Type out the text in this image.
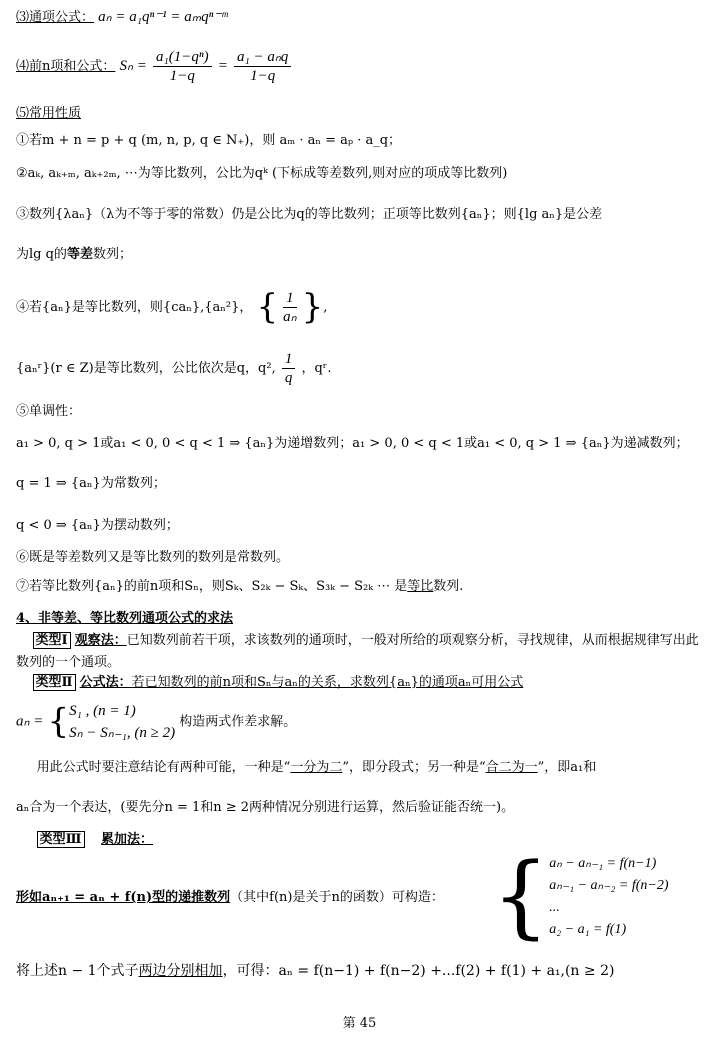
⑶通项公式： aₙ = a₁qⁿ⁻¹ = aₘqⁿ⁻ᵐ
⑷前n项和公式： $S_n = \frac{\text{a₁(1−qⁿ)}}{1-q} = \frac{\text{a₁ − aₙq}}{1-q}$
⑸常用性质
①若m + n = p + q (m, n, p, q ∈ N₊)，则 aₘ · aₙ = aₚ · a_q；
②aₖ, aₖ₊ₘ, aₖ₊₂ₘ, ⋯为等比数列，公比为qᵏ (下标成等差数列,则对应的项成等比数列)
③数列{λaₙ}（λ为不等于零的常数）仍是公比为q的等比数列；正项等比数列{aₙ}；则{lg aₙ}是公差
为lg q的等差数列；
④若{aₙ}是等比数列，则{caₙ},{aₙ²}， { $\frac{1}{\text{aₙ}}$ },
{aₙʳ}(r ∈ Z)是等比数列，公比依次是q，q², $\frac{1}{q}$ ，qʳ.
⑤单调性：
a₁ > 0, q > 1或a₁ < 0, 0 < q < 1 ⇒ {aₙ}为递增数列；a₁ > 0, 0 < q < 1或a₁ < 0, q > 1 ⇒ {aₙ}为递减数列；
q = 1 ⇒ {aₙ}为常数列；
q < 0 ⇒ {aₙ}为摆动数列；
⑥既是等差数列又是等比数列的数列是常数列。
⑦若等比数列{aₙ}的前n项和Sₙ，则Sₖ、S₂ₖ − Sₖ、S₃ₖ − S₂ₖ ⋯ 是等比数列.
4、非等差、等比数列通项公式的求法
类型Ⅰ 观察法：已知数列前若干项，求该数列的通项时，一般对所给的项观察分析，寻找规律，从而根据规律写出此数列的一个通项。
类型Ⅱ 公式法：若已知数列的前n项和Sₙ与aₙ的关系，求数列{aₙ}的通项aₙ可用公式
aₙ = { S₁ , (n = 1)
Sₙ − Sₙ₋₁, (n ≥ 2)
构造两式作差求解。
用此公式时要注意结论有两种可能，一种是“一分为二”，即分段式；另一种是“合二为一”，即a₁和
aₙ合为一个表达，(要先分n = 1和n ≥ 2两种情况分别进行运算，然后验证能否统一)。
类型Ⅲ 累加法：
形如aₙ₊₁ = aₙ + f(n)型的递推数列（其中f(n)是关于n的函数）可构造： { aₙ − aₙ₋₁ = f(n−1)
aₙ₋₁ − aₙ₋₂ = f(n−2)
...
a₂ − a₁ = f(1)
将上述n − 1个式子两边分别相加，可得：aₙ = f(n−1) + f(n−2) +...f(2) + f(1) + a₁,(n ≥ 2)
第 45
